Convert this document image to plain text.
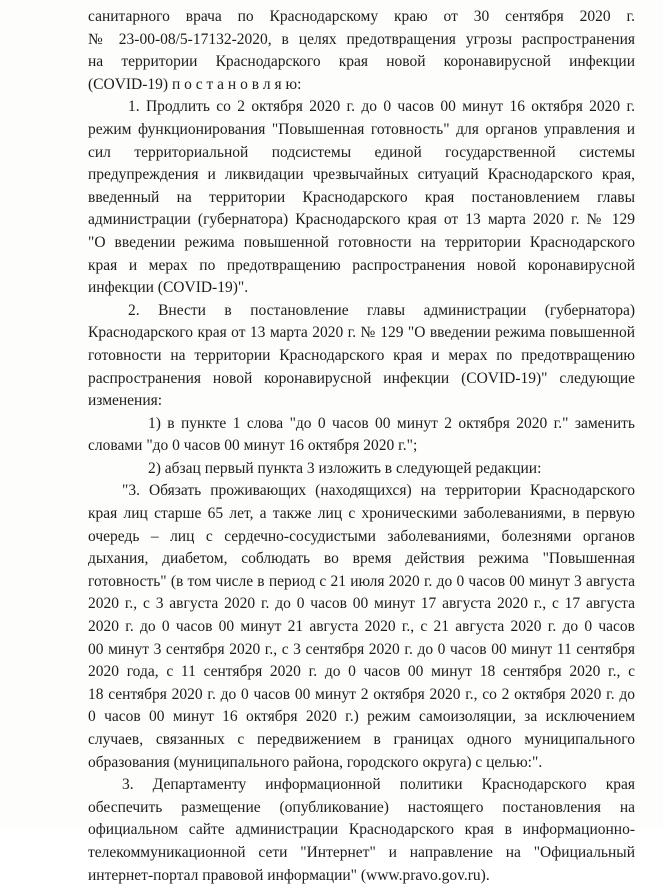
санитарного врача по Краснодарскому краю от 30 сентября 2020 г.
№ 23-00-08/5-17132-2020, в целях предотвращения угрозы распространения
на территории Краснодарского края новой коронавирусной инфекции
(COVID-19) п о с т а н о в л я ю:
1. Продлить со 2 октября 2020 г. до 0 часов 00 минут 16 октября 2020 г.
режим функционирования "Повышенная готовность" для органов управления и
сил территориальной подсистемы единой государственной системы
предупреждения и ликвидации чрезвычайных ситуаций Краснодарского края,
введенный на территории Краснодарского края постановлением главы
администрации (губернатора) Краснодарского края от 13 марта 2020 г. № 129
"О введении режима повышенной готовности на территории Краснодарского
края и мерах по предотвращению распространения новой коронавирусной
инфекции (COVID-19)".
2. Внести в постановление главы администрации (губернатора)
Краснодарского края от 13 марта 2020 г. № 129 "О введении режима повышенной
готовности на территории Краснодарского края и мерах по предотвращению
распространения новой коронавирусной инфекции (COVID-19)" следующие
изменения:
1) в пункте 1 слова "до 0 часов 00 минут 2 октября 2020 г." заменить
словами "до 0 часов 00 минут 16 октября 2020 г.";
2) абзац первый пункта 3 изложить в следующей редакции:
"3. Обязать проживающих (находящихся) на территории Краснодарского
края лиц старше 65 лет, а также лиц с хроническими заболеваниями, в первую
очередь – лиц с сердечно-сосудистыми заболеваниями, болезнями органов
дыхания, диабетом, соблюдать во время действия режима "Повышенная
готовность" (в том числе в период с 21 июля 2020 г. до 0 часов 00 минут 3 августа
2020 г., с 3 августа 2020 г. до 0 часов 00 минут 17 августа 2020 г., с 17 августа
2020 г. до 0 часов 00 минут 21 августа 2020 г., с 21 августа 2020 г. до 0 часов
00 минут 3 сентября 2020 г., с 3 сентября 2020 г. до 0 часов 00 минут 11 сентября
2020 года, с 11 сентября 2020 г. до 0 часов 00 минут 18 сентября 2020 г., с
18 сентября 2020 г. до 0 часов 00 минут 2 октября 2020 г., со 2 октября 2020 г. до
0 часов 00 минут 16 октября 2020 г.) режим самоизоляции, за исключением
случаев, связанных с передвижением в границах одного муниципального
образования (муниципального района, городского округа) с целью:".
3. Департаменту информационной политики Краснодарского края
обеспечить размещение (опубликование) настоящего постановления на
официальном сайте администрации Краснодарского края в информационно-
телекоммуникационной сети "Интернет" и направление на "Официальный
интернет-портал правовой информации" (www.pravo.gov.ru).
